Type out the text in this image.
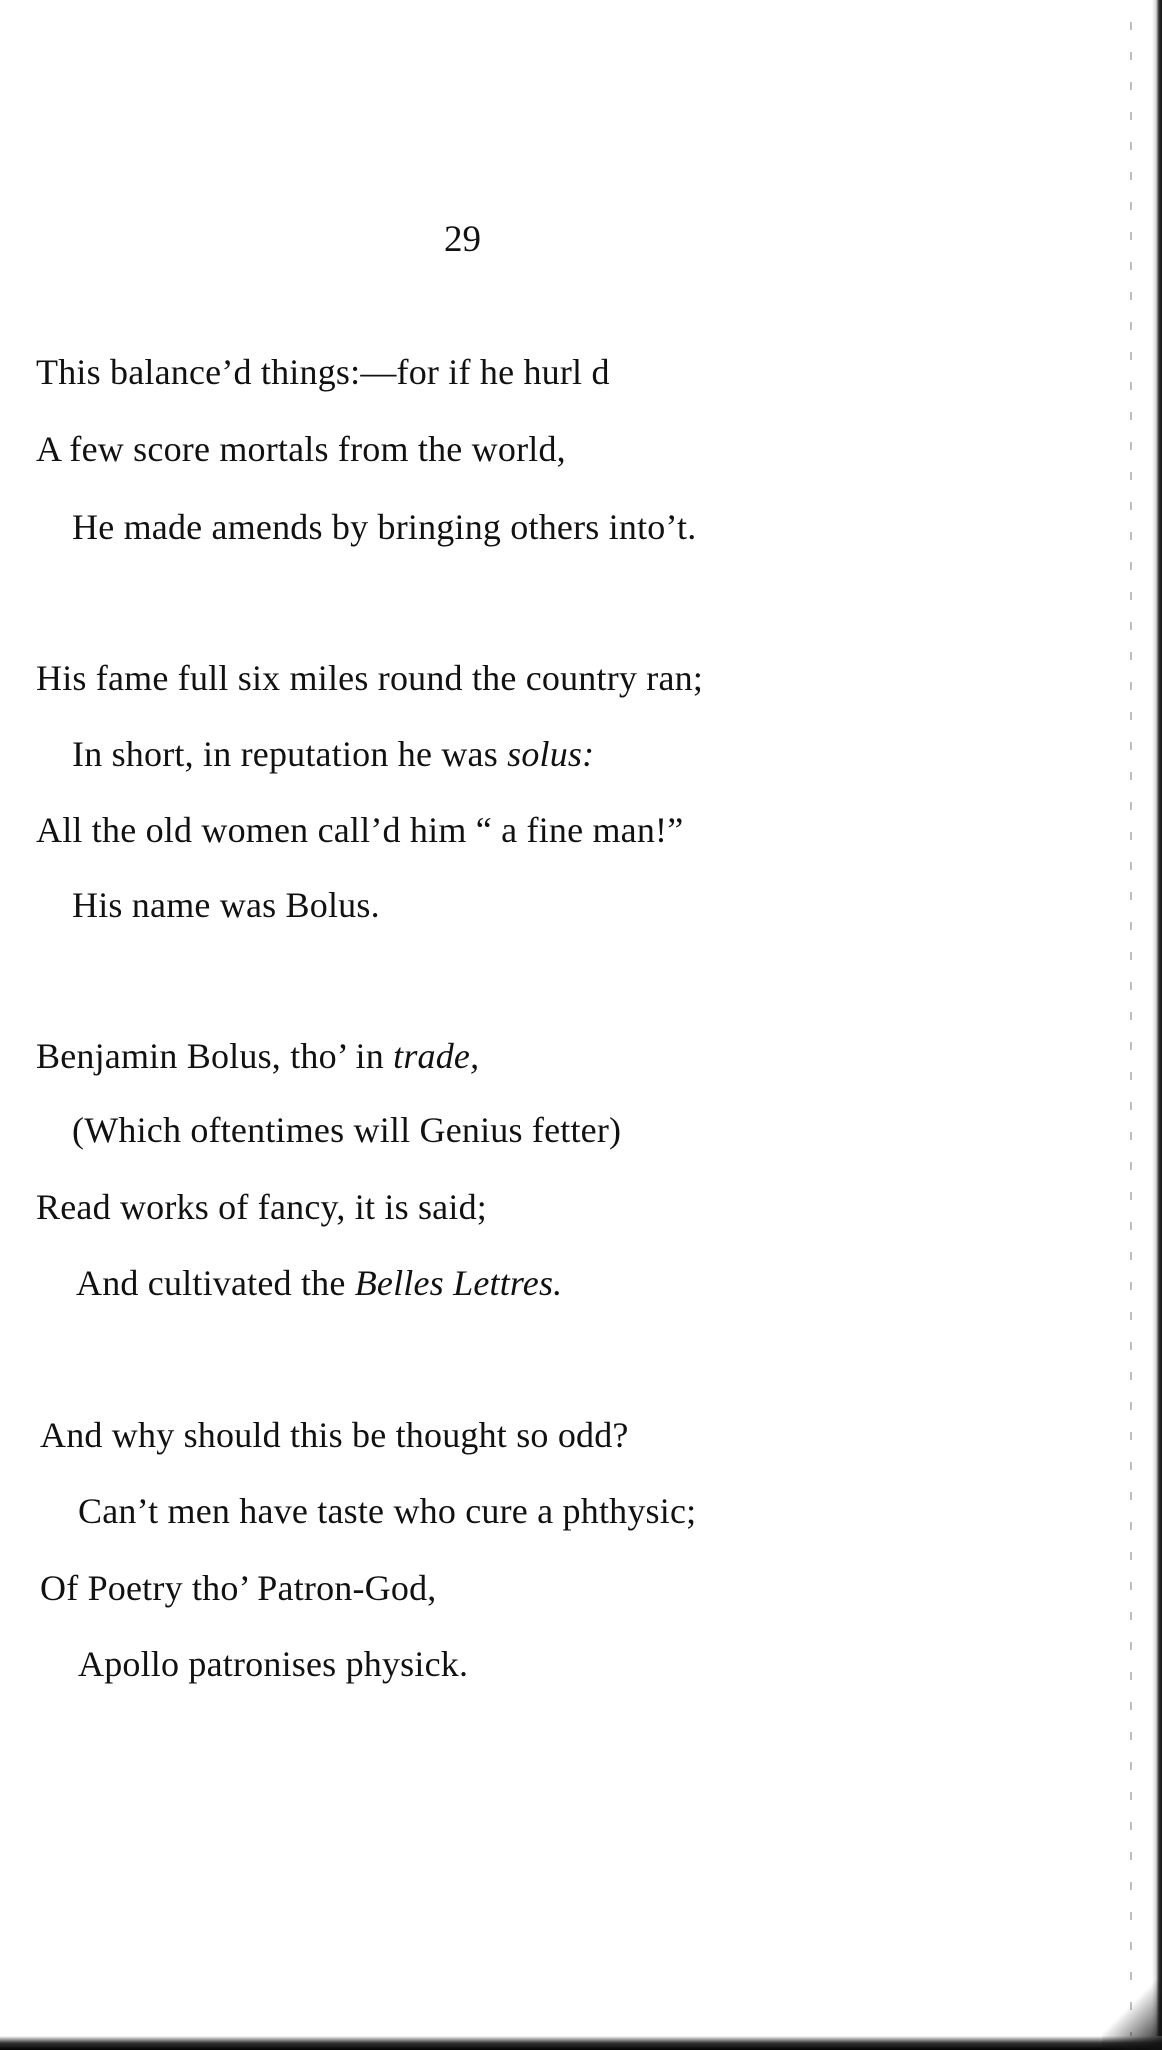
29
This balance’d things:—for if he hurl d
A few score mortals from the world,
He made amends by bringing others into’t.
His fame full six miles round the country ran;
In short, in reputation he was solus:
All the old women call’d him “ a fine man!”
His name was Bolus.
Benjamin Bolus, tho’ in trade,
(Which oftentimes will Genius fetter)
Read works of fancy, it is said;
And cultivated the Belles Lettres.
And why should this be thought so odd?
Can’t men have taste who cure a phthysic;
Of Poetry tho’ Patron-God,
Apollo patronises physick.
